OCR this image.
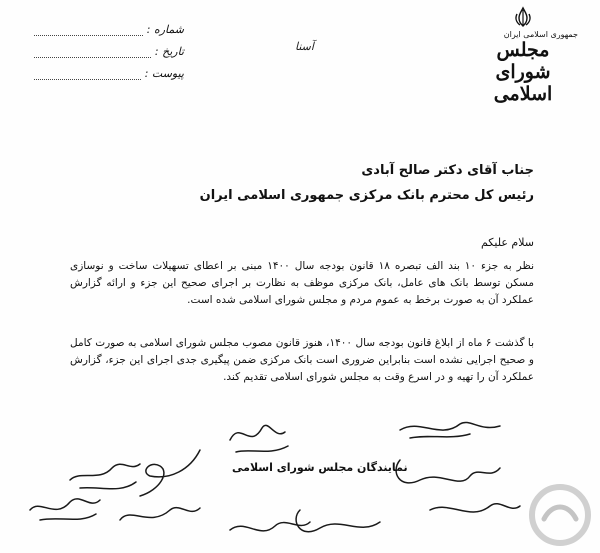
شماره :
تاریخ :
پیوست :
آسنا
جمهوری اسلامی ایران
مجلس شورای اسلامی
جناب آقای دکتر صالح آبادی
رئیس کل محترم بانک مرکزی جمهوری اسلامی ایران
سلام علیکم
نظر به جزء ۱۰ بند الف تبصره ۱۸ قانون بودجه سال ۱۴۰۰ مبنی بر اعطای تسهیلات ساخت و نوسازی مسکن توسط بانک های عامل، بانک مرکزی موظف به نظارت بر اجرای صحیح این جزء و ارائه گزارش عملکرد آن به صورت برخط به عموم مردم و مجلس شورای اسلامی شده است.
با گذشت ۶ ماه از ابلاغ قانون بودجه سال ۱۴۰۰، هنوز قانون مصوب مجلس شورای اسلامی به صورت کامل و صحیح اجرایی نشده است بنابراین ضروری است بانک مرکزی ضمن پیگیری جدی اجرای این جزء، گزارش عملکرد آن را تهیه و در اسرع وقت به مجلس شورای اسلامی تقدیم کند.
نمایندگان مجلس شورای اسلامی
